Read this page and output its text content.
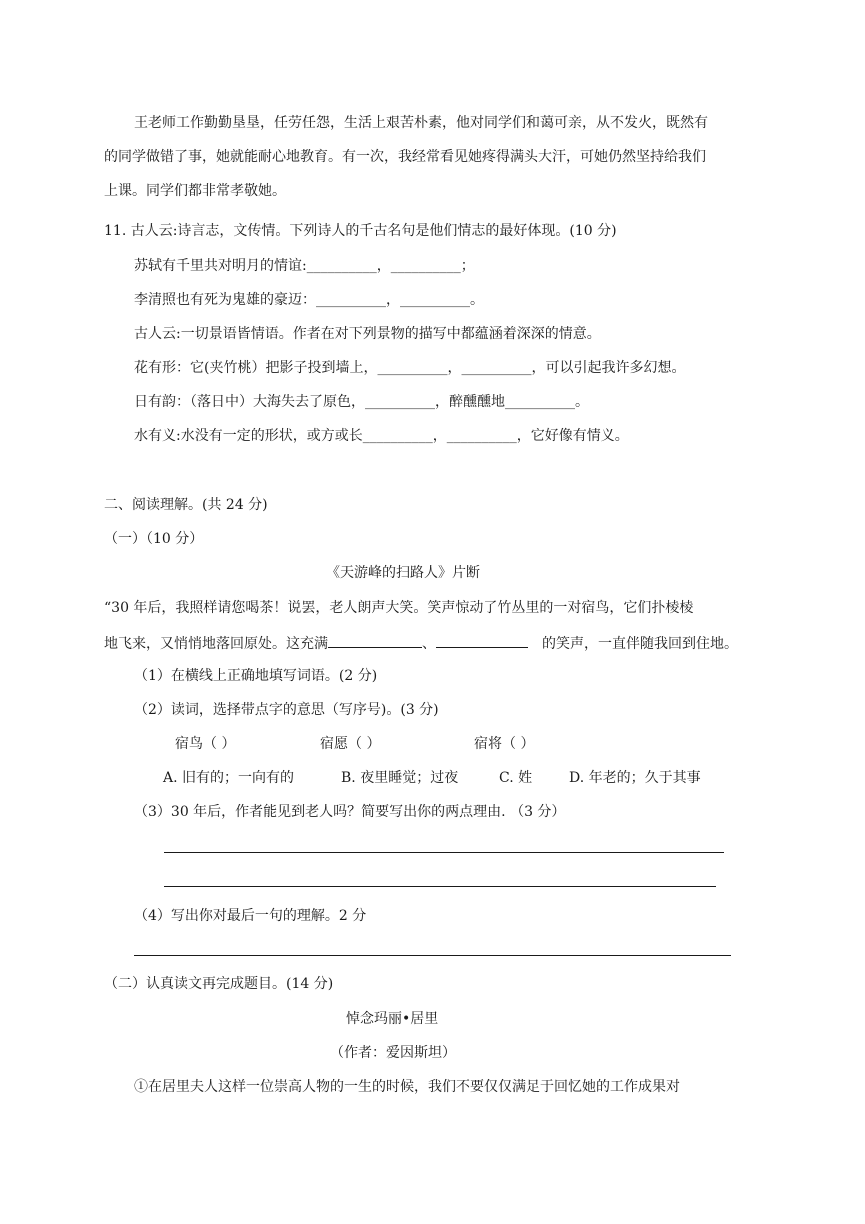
王老师工作勤勤垦垦，任劳任怨，生活上艰苦朴素，他对同学们和蔼可亲，从不发火，既然有
的同学做错了事，她就能耐心地教育。有一次，我经常看见她疼得满头大汗，可她仍然坚持给我们
上课。同学们都非常孝敬她。
11. 古人云:诗言志，文传情。下列诗人的千古名句是他们情志的最好体现。(10 分)
苏轼有千里共对明月的情谊:__________，__________；
李清照也有死为鬼雄的豪迈：__________，__________。
古人云:一切景语皆情语。作者在对下列景物的描写中都蕴涵着深深的情意。
花有形：它(夹竹桃）把影子投到墙上，__________，__________，可以引起我许多幻想。
日有韵：（落日中）大海失去了原色，__________，醉醺醺地__________。
水有义:水没有一定的形状，或方或长__________，__________，它好像有情义。
二、阅读理解。(共 24 分)
（一）（10 分）
《天游峰的扫路人》片断
“30 年后，我照样请您喝茶！说罢，老人朗声大笑。笑声惊动了竹丛里的一对宿鸟，它们扑棱棱
地飞来，又悄悄地落回原处。这充满	、	的笑声，一直伴随我回到住地。
（1）在横线上正确地填写词语。(2 分)
（2）读词，选择带点字的意思（写序号)。(3 分)
宿鸟（ ）	宿愿（ ）	宿将（ ）
A. 旧有的；一向有的	B. 夜里睡觉；过夜	C. 姓	D. 年老的；久于其事
（3）30 年后，作者能见到老人吗？简要写出你的两点理由. （3 分）
（4）写出你对最后一句的理解。2 分
（二）认真读文再完成题目。(14 分)
悼念玛丽•居里
（作者：爱因斯坦）
①在居里夫人这样一位崇高人物的一生的时候，我们不要仅仅满足于回忆她的工作成果对
